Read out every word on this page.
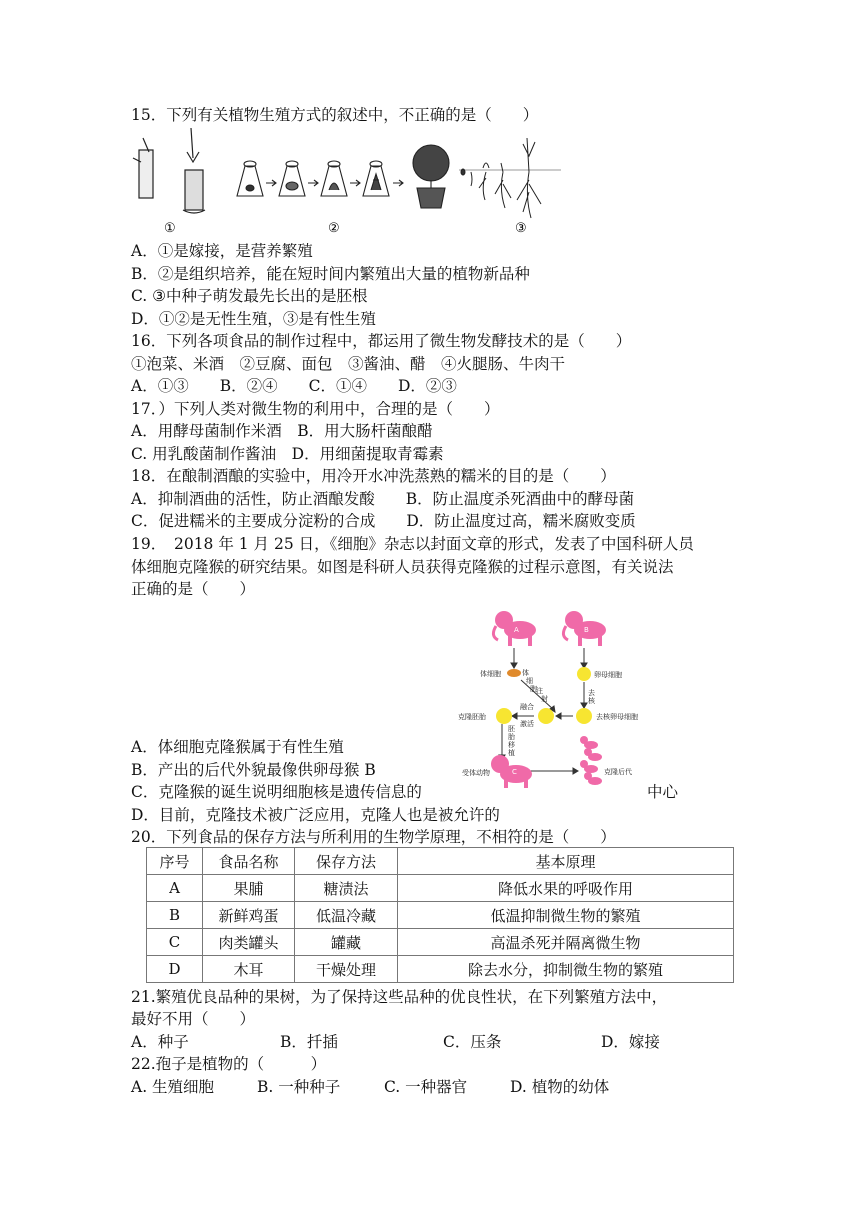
15．下列有关植物生殖方式的叙述中，不正确的是（　　）
①	②	③
A．①是嫁接，是营养繁殖
B．②是组织培养，能在短时间内繁殖出大量的植物新品种
C. ③中种子萌发最先长出的是胚根
D．①②是无性生殖，③是有性生殖
16．下列各项食品的制作过程中，都运用了微生物发酵技术的是（　　）
①泡菜、米酒　②豆腐、面包　③酱油、醋　④火腿肠、牛肉干
A．①③　　B．②④　　C．①④　　D．②③
17．）下列人类对微生物的利用中，合理的是（　　）
A．用酵母菌制作米酒　B．用大肠杆菌酿醋
C. 用乳酸菌制作酱油　D．用细菌提取青霉素
18．在酿制酒酿的实验中，用冷开水冲洗蒸熟的糯米的目的是（　　）
A．抑制酒曲的活性，防止酒酿发酸　　B．防止温度杀死酒曲中的酵母菌
C．促进糯米的主要成分淀粉的合成　　D．防止温度过高，糯米腐败变质
19．　2018 年 1 月 25 日，《细胞》杂志以封面文章的形式，发表了中国科研人员
体细胞克隆猴的研究结果。如图是科研人员获得克隆猴的过程示意图，有关说法
正确的是（　　）
A	B
C
体细胞	卵母细胞
去
核
去核卵母细胞
体
细
胞 注
射
融合
激活
克隆胚胎
胚
胎
移
植
受体动物	克隆后代
A．体细胞克隆猴属于有性生殖
B．产出的后代外貌最像供卵母猴 B
C．克隆猴的诞生说明细胞核是遗传信息的	中心
D．目前，克隆技术被广泛应用，克隆人也是被允许的
20．下列食品的保存方法与所利用的生物学原理，不相符的是（　　）
序号	食品名称	保存方法	基本原理
A	果脯	糖渍法	降低水果的呼吸作用
B	新鲜鸡蛋	低温冷藏	低温抑制微生物的繁殖
C	肉类罐头	罐藏	高温杀死并隔离微生物
D	木耳	干燥处理	除去水分，抑制微生物的繁殖
21.繁殖优良品种的果树，为了保持这些品种的优良性状，在下列繁殖方法中，
最好不用（　　）
A．种子	B．扦插	C．压条	D．嫁接
22.孢子是植物的（　　　）
A. 生殖细胞	B. 一种种子	C. 一种器官	D. 植物的幼体
